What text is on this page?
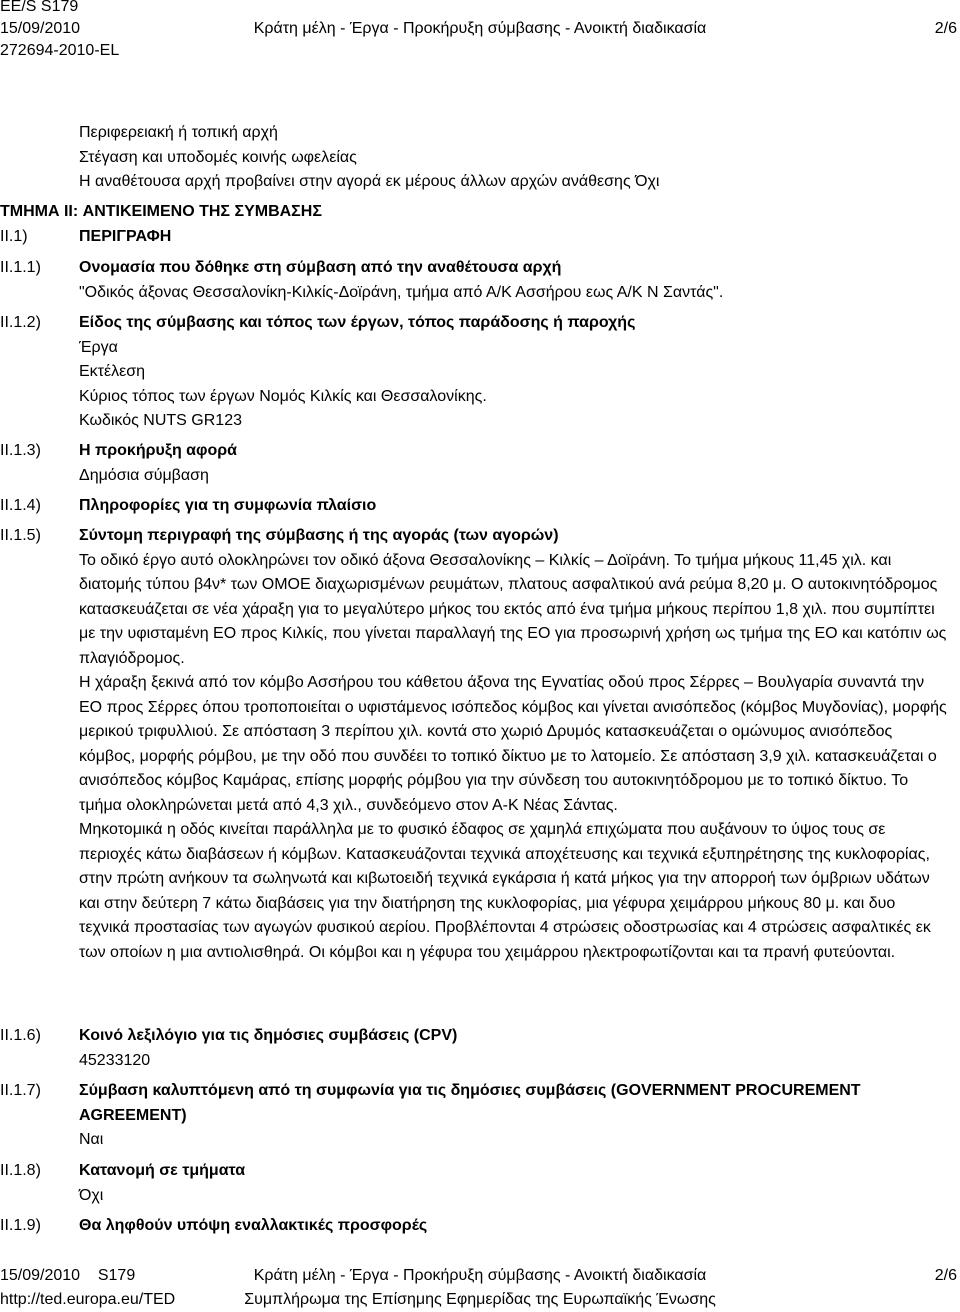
EE/S S179
15/09/2010
272694-2010-EL
Κράτη μέλη - Έργα - Προκήρυξη σύμβασης - Ανοικτή διαδικασία	2/6
Περιφερειακή ή τοπική αρχή
Στέγαση και υποδομές κοινής ωφελείας
Η αναθέτουσα αρχή προβαίνει στην αγορά εκ μέρους άλλων αρχών ανάθεσης Όχι
ΤΜΗΜΑ II: ΑΝΤΙΚΕΙΜΕΝΟ ΤΗΣ ΣΥΜΒΑΣΗΣ
II.1)	ΠΕΡΙΓΡΑΦΗ
II.1.1) Ονομασία που δόθηκε στη σύμβαση από την αναθέτουσα αρχή
"Οδικός άξονας Θεσσαλονίκη-Κιλκίς-Δοϊράνη, τμήμα από Α/Κ Ασσήρου εως Α/Κ Ν Σαντάς".
II.1.2) Είδος της σύμβασης και τόπος των έργων, τόπος παράδοσης ή παροχής
Έργα
Εκτέλεση
Κύριος τόπος των έργων Νομός Κιλκίς και Θεσσαλονίκης.
Κωδικός NUTS GR123
II.1.3) Η προκήρυξη αφορά
Δημόσια σύμβαση
II.1.4) Πληροφορίες για τη συμφωνία πλαίσιο
II.1.5) Σύντομη περιγραφή της σύμβασης ή της αγοράς (των αγορών)

Το οδικό έργο αυτό ολοκληρώνει τον οδικό άξονα Θεσσαλονίκης – Κιλκίς – Δοϊράνη. Το τμήμα μήκους 11,45 χιλ. και διατομής τύπου β4ν* των ΟΜΟΕ διαχωρισμένων ρευμάτων, πλατους ασφαλτικού ανά ρεύμα 8,20 μ. Ο αυτοκινητόδρομος κατασκευάζεται σε νέα χάραξη για το μεγαλύτερο μήκος του εκτός από ένα τμήμα μήκους περίπου 1,8 χιλ. που συμπίπτει με την υφισταμένη ΕΟ προς Κιλκίς, που γίνεται παραλλαγή της ΕΟ για προσωρινή χρήση ως τμήμα της ΕΟ και κατόπιν ως πλαγιόδρομος.

Η χάραξη ξεκινά από τον κόμβο Ασσήρου του κάθετου άξονα της Εγνατίας οδού προς Σέρρες – Βουλγαρία συναντά την ΕΟ προς Σέρρες όπου τροποποιείται ο υφιστάμενος ισόπεδος κόμβος και γίνεται ανισόπεδος (κόμβος Μυγδονίας), μορφής μερικού τριφυλλιού. Σε απόσταση 3 περίπου χιλ. κοντά στο χωριό Δρυμός κατασκευάζεται ο ομώνυμος ανισόπεδος κόμβος, μορφής ρόμβου, με την οδό που συνδέει το τοπικό δίκτυο με το λατομείο. Σε απόσταση 3,9 χιλ. κατασκευάζεται ο ανισόπεδος κόμβος Καμάρας, επίσης μορφής ρόμβου για την σύνδεση του αυτοκινητόδρομου με το τοπικό δίκτυο. Το τμήμα ολοκληρώνεται μετά από 4,3 χιλ., συνδεόμενο στον Α-Κ Νέας Σάντας.

Μηκοτομικά η οδός κινείται παράλληλα με το φυσικό έδαφος σε χαμηλά επιχώματα που αυξάνουν το ύψος τους σε περιοχές κάτω διαβάσεων ή κόμβων. Κατασκευάζονται τεχνικά αποχέτευσης και τεχνικά εξυπηρέτησης της κυκλοφορίας, στην πρώτη ανήκουν τα σωληνωτά και κιβωτοειδή τεχνικά εγκάρσια ή κατά μήκος για την απορροή των όμβριων υδάτων και στην δεύτερη 7 κάτω διαβάσεις για την διατήρηση της κυκλοφορίας, μια γέφυρα χειμάρρου μήκους 80 μ. και δυο τεχνικά προστασίας των αγωγών φυσικού αερίου. Προβλέπονται 4 στρώσεις οδοστρωσίας και 4 στρώσεις ασφαλτικές εκ των οποίων η μια αντιολισθηρά. Οι κόμβοι και η γέφυρα του χειμάρρου ηλεκτροφωτίζονται και τα πρανή φυτεύονται.

II.1.6) Κοινό λεξιλόγιο για τις δημόσιες συμβάσεις (CPV)
45233120
II.1.7) Σύμβαση καλυπτόμενη από τη συμφωνία για τις δημόσιες συμβάσεις (GOVERNMENT PROCUREMENT AGREEMENT)
Ναι
II.1.8) Κατανομή σε τμήματα
Όχι
II.1.9) Θα ληφθούν υπόψη εναλλακτικές προσφορές
15/09/2010 S179
http://ted.europa.eu/TED
Κράτη μέλη - Έργα - Προκήρυξη σύμβασης - Ανοικτή διαδικασία
Συμπλήρωμα της Επίσημης Εφημερίδας της Ευρωπαϊκής Ένωσης
2/6
